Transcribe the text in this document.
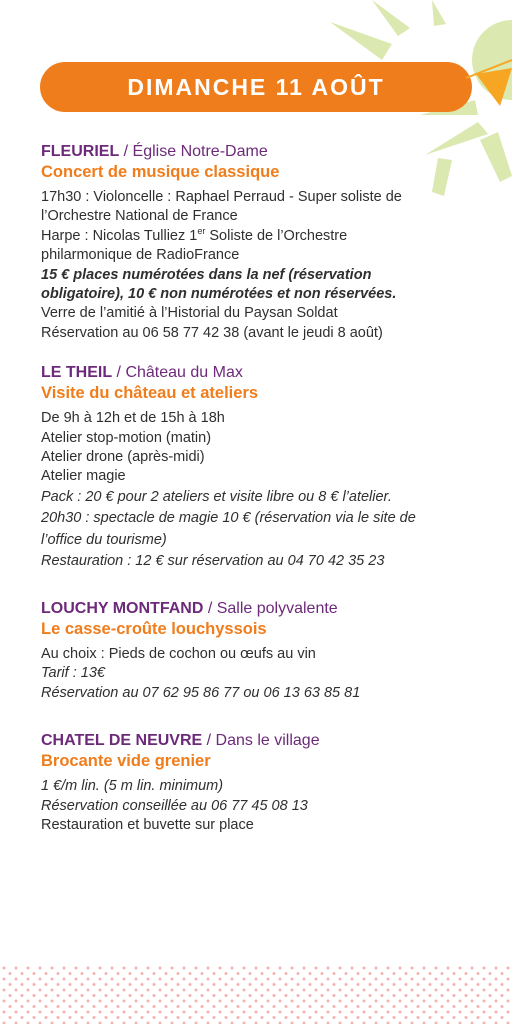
DIMANCHE 11 AOÛT
FLEURIEL / Église Notre-Dame
Concert de musique classique
17h30 : Violoncelle : Raphael Perraud - Super soliste de
l’Orchestre National de France
Harpe : Nicolas Tulliez 1er Soliste de l’Orchestre
philarmonique de RadioFrance
15 € places numérotées dans la nef (réservation
obligatoire), 10 € non numérotées et non réservées.
Verre de l’amitié à l’Historial du Paysan Soldat
Réservation au 06 58 77 42 38 (avant le jeudi 8 août)
LE THEIL / Château du Max
Visite du château et ateliers
De 9h à 12h et de 15h à 18h
Atelier stop-motion (matin)
Atelier drone (après-midi)
Atelier magie
Pack : 20 € pour 2 ateliers et visite libre ou 8 € l’atelier.
20h30 : spectacle de magie 10 € (réservation via le site de
l’office du tourisme)
Restauration : 12 € sur réservation au 04 70 42 35 23
LOUCHY MONTFAND / Salle polyvalente
Le casse-croûte louchyssois
Au choix : Pieds de cochon ou œufs au vin
Tarif : 13€
Réservation au 07 62 95 86 77 ou 06 13 63 85 81
CHATEL DE NEUVRE / Dans le village
Brocante vide grenier
1 €/m lin. (5 m lin. minimum)
Réservation conseillée au 06 77 45 08 13
Restauration et buvette sur place
